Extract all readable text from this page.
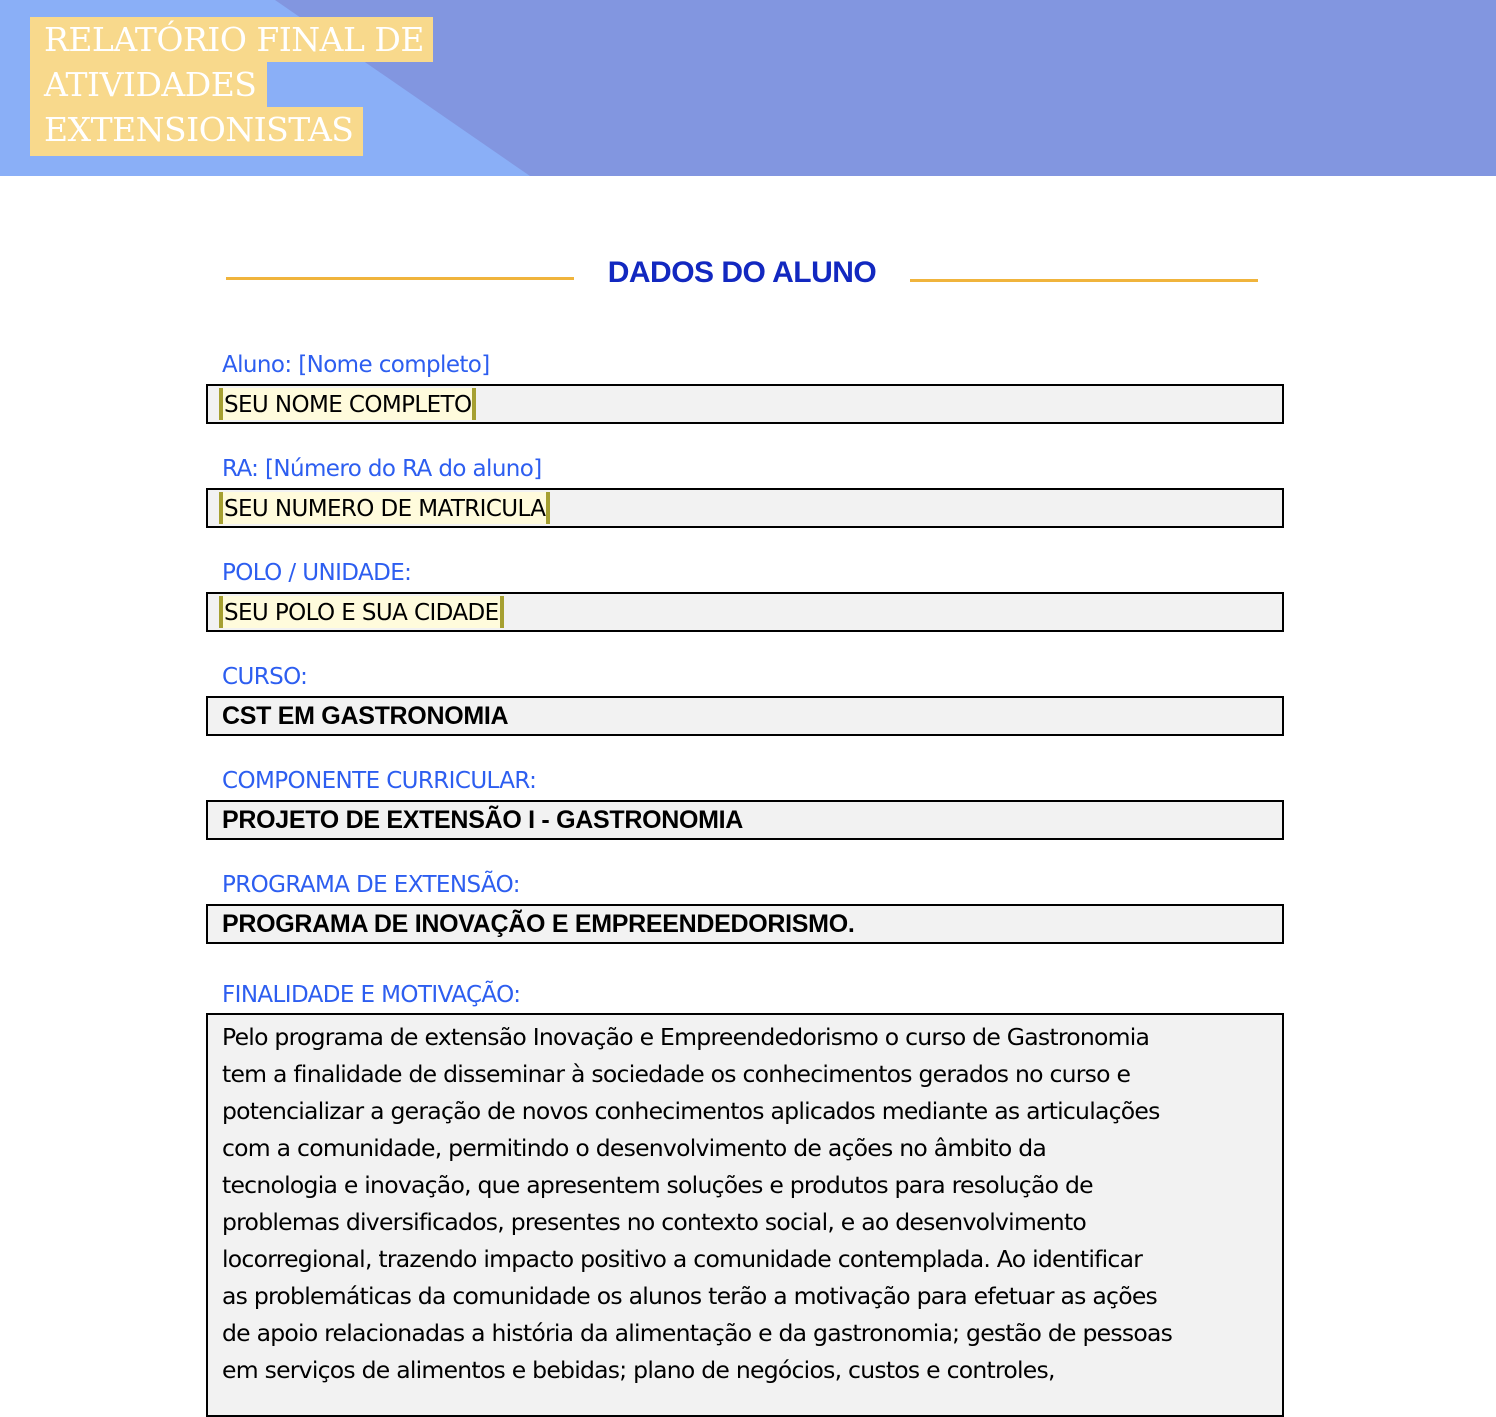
RELATÓRIO FINAL DE
ATIVIDADES
EXTENSIONISTAS
DADOS DO ALUNO
Aluno: [Nome completo]
SEU NOME COMPLETO
RA: [Número do RA do aluno]
SEU NUMERO DE MATRICULA
POLO / UNIDADE:
SEU POLO E SUA CIDADE
CURSO:
CST EM GASTRONOMIA
COMPONENTE CURRICULAR:
PROJETO DE EXTENSÃO I - GASTRONOMIA
PROGRAMA DE EXTENSÃO:
PROGRAMA DE INOVAÇÃO E EMPREENDEDORISMO.
FINALIDADE E MOTIVAÇÃO:
Pelo programa de extensão Inovação e Empreendedorismo o curso de Gastronomia
tem a finalidade de disseminar à sociedade os conhecimentos gerados no curso e
potencializar a geração de novos conhecimentos aplicados mediante as articulações
com a comunidade, permitindo o desenvolvimento de ações no âmbito da
tecnologia e inovação, que apresentem soluções e produtos para resolução de
problemas diversificados, presentes no contexto social, e ao desenvolvimento
locorregional, trazendo impacto positivo a comunidade contemplada. Ao identificar
as problemáticas da comunidade os alunos terão a motivação para efetuar as ações
de apoio relacionadas a história da alimentação e da gastronomia; gestão de pessoas
em serviços de alimentos e bebidas; plano de negócios, custos e controles,
